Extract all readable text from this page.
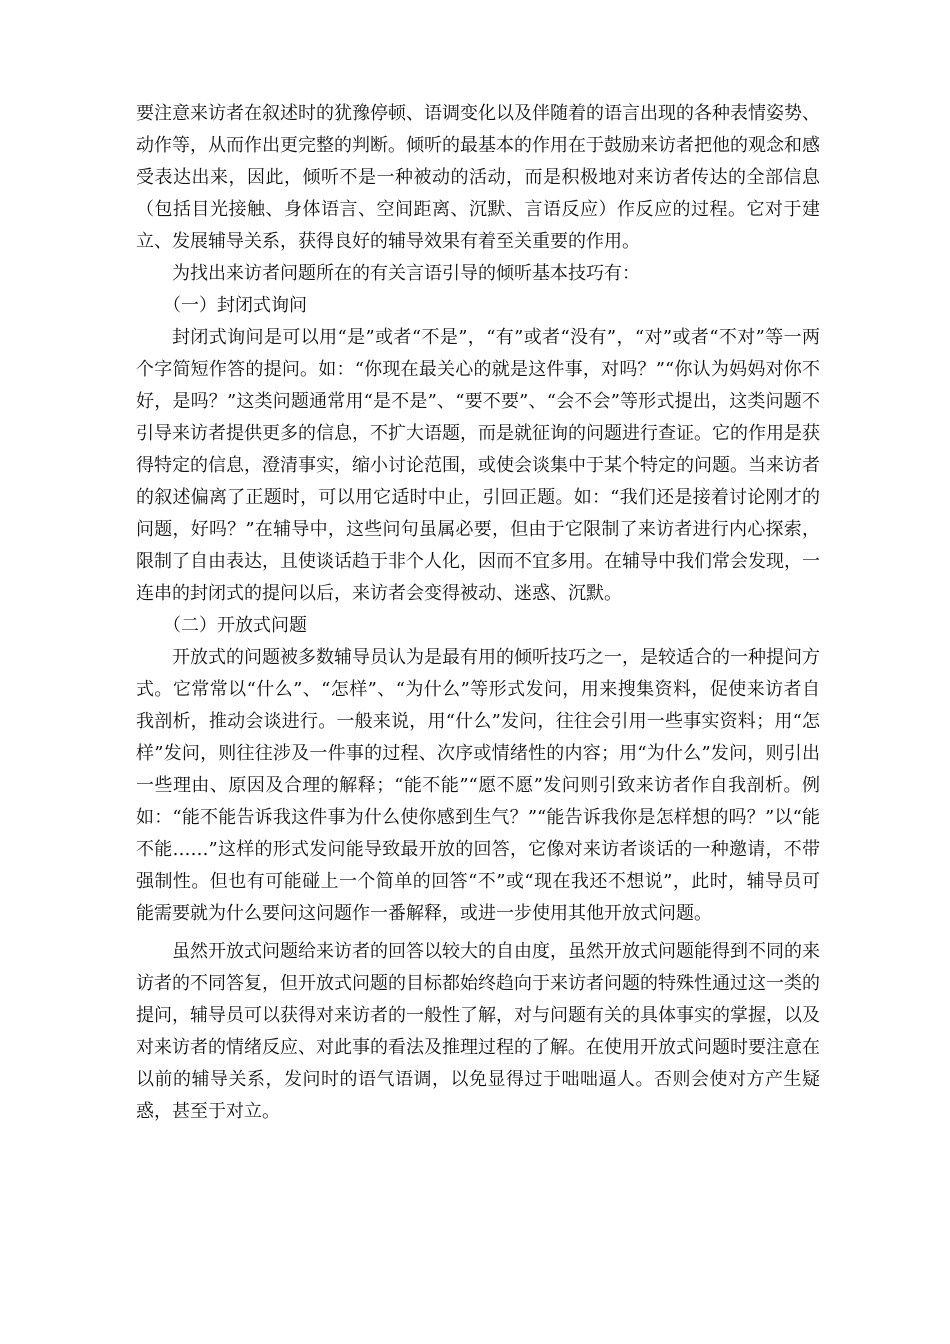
要注意来访者在叙述时的犹豫停顿、语调变化以及伴随着的语言出现的各种表情姿势、动作等，从而作出更完整的判断。倾听的最基本的作用在于鼓励来访者把他的观念和感受表达出来，因此，倾听不是一种被动的活动，而是积极地对来访者传达的全部信息（包括目光接触、身体语言、空间距离、沉默、言语反应）作反应的过程。它对于建立、发展辅导关系，获得良好的辅导效果有着至关重要的作用。

为找出来访者问题所在的有关言语引导的倾听基本技巧有：

（一）封闭式询问

封闭式询问是可以用“是”或者“不是”，“有”或者“没有”，“对”或者“不对”等一两个字简短作答的提问。如：“你现在最关心的就是这件事，对吗？”“你认为妈妈对你不好，是吗？”这类问题通常用“是不是”、“要不要”、“会不会”等形式提出，这类问题不引导来访者提供更多的信息，不扩大语题，而是就征询的问题进行查证。它的作用是获得特定的信息，澄清事实，缩小讨论范围，或使会谈集中于某个特定的问题。当来访者的叙述偏离了正题时，可以用它适时中止，引回正题。如：“我们还是接着讨论刚才的问题，好吗？”在辅导中，这些问句虽属必要，但由于它限制了来访者进行内心探索，限制了自由表达，且使谈话趋于非个人化，因而不宜多用。在辅导中我们常会发现，一连串的封闭式的提问以后，来访者会变得被动、迷惑、沉默。

（二）开放式问题

开放式的问题被多数辅导员认为是最有用的倾听技巧之一，是较适合的一种提问方式。它常常以“什么”、“怎样”、“为什么”等形式发问，用来搜集资料，促使来访者自我剖析，推动会谈进行。一般来说，用“什么”发问，往往会引用一些事实资料；用“怎样”发问，则往往涉及一件事的过程、次序或情绪性的内容；用“为什么”发问，则引出一些理由、原因及合理的解释；“能不能”“愿不愿”发问则引致来访者作自我剖析。例如：“能不能告诉我这件事为什么使你感到生气？”“能告诉我你是怎样想的吗？”以“能不能……”这样的形式发问能导致最开放的回答，它像对来访者谈话的一种邀请，不带强制性。但也有可能碰上一个简单的回答“不”或“现在我还不想说”，此时，辅导员可能需要就为什么要问这问题作一番解释，或进一步使用其他开放式问题。

虽然开放式问题给来访者的回答以较大的自由度，虽然开放式问题能得到不同的来访者的不同答复，但开放式问题的目标都始终趋向于来访者问题的特殊性通过这一类的提问，辅导员可以获得对来访者的一般性了解，对与问题有关的具体事实的掌握，以及对来访者的情绪反应、对此事的看法及推理过程的了解。在使用开放式问题时要注意在以前的辅导关系，发问时的语气语调，以免显得过于咄咄逼人。否则会使对方产生疑惑，甚至于对立。
